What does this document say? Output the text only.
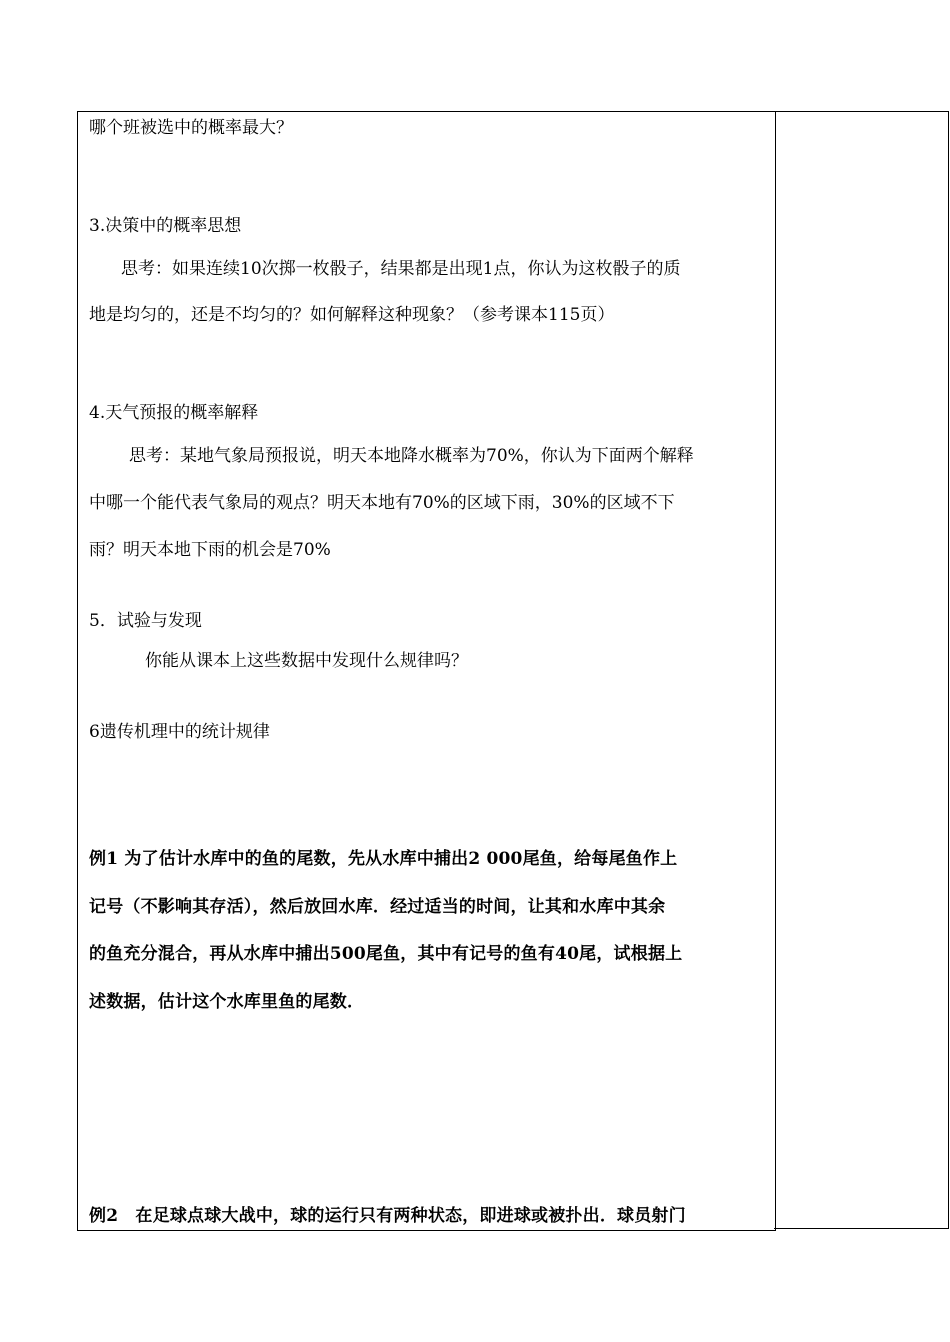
哪个班被选中的概率最大？
3.决策中的概率思想
思考：如果连续10次掷一枚骰子，结果都是出现1点，你认为这枚骰子的质
地是均匀的，还是不均匀的？如何解释这种现象？（参考课本115页）
4.天气预报的概率解释
思考：某地气象局预报说，明天本地降水概率为70%，你认为下面两个解释
中哪一个能代表气象局的观点？明天本地有70%的区域下雨，30%的区域不下
雨？明天本地下雨的机会是70%
5．试验与发现
你能从课本上这些数据中发现什么规律吗？
6遗传机理中的统计规律
例1 为了估计水库中的鱼的尾数，先从水库中捕出2 000尾鱼，给每尾鱼作上
记号（不影响其存活），然后放回水库．经过适当的时间，让其和水库中其余
的鱼充分混合，再从水库中捕出500尾鱼，其中有记号的鱼有40尾，试根据上
述数据，估计这个水库里鱼的尾数．
例2　在足球点球大战中，球的运行只有两种状态，即进球或被扑出．球员射门
